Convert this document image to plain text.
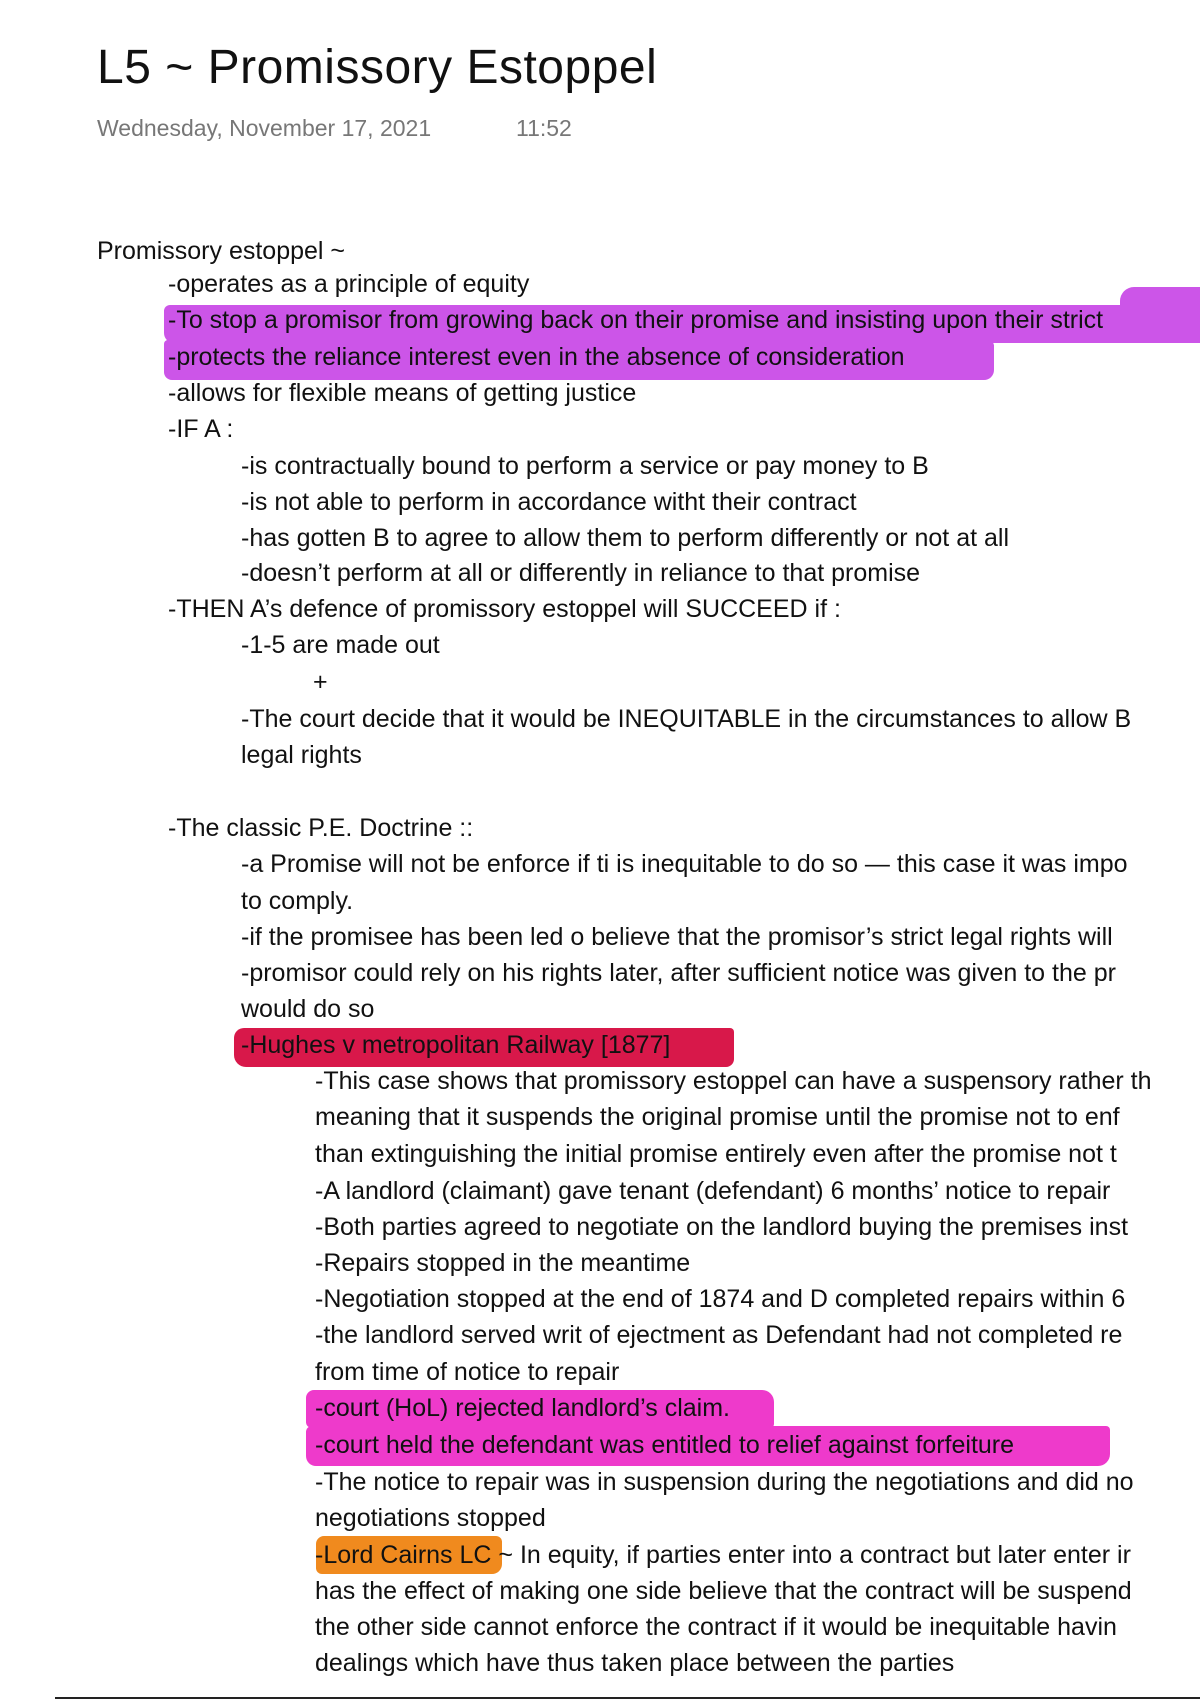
L5 ~ Promissory Estoppel
Wednesday, November 17, 2021	11:52
Promissory estoppel ~
-operates as a principle of equity
-To stop a promisor from growing back on their promise and insisting upon their strict
-protects the reliance interest even in the absence of consideration
-allows for flexible means of getting justice
-IF A :
-is contractually bound to perform a service or pay money to B
-is not able to perform in accordance witht their contract
-has gotten B to agree to allow them to perform differently or not at all
-doesn’t perform at all or differently in reliance to that promise
-THEN A’s defence of promissory estoppel will SUCCEED if :
-1-5 are made out
+
-The court decide that it would be INEQUITABLE in the circumstances to allow B
legal rights
-The classic P.E. Doctrine ::
-a Promise will not be enforce if ti is inequitable to do so — this case it was impo
to comply.
-if the promisee has been led o believe that the promisor’s strict legal rights will
-promisor could rely on his rights later, after sufficient notice was given to the pr
would do so
-Hughes v metropolitan Railway [1877]
-This case shows that promissory estoppel can have a suspensory rather th
meaning that it suspends the original promise until the promise not to enf
than extinguishing the initial promise entirely even after the promise not t
-A landlord (claimant) gave tenant (defendant) 6 months’ notice to repair
-Both parties agreed to negotiate on the landlord buying the premises inst
-Repairs stopped in the meantime
-Negotiation stopped at the end of 1874 and D completed repairs within 6
-the landlord served writ of ejectment as Defendant had not completed re
from time of notice to repair
-court (HoL) rejected landlord’s claim.
-court held the defendant was entitled to relief against forfeiture
-The notice to repair was in suspension during the negotiations and did no
negotiations stopped
-Lord Cairns LC ~ In equity, if parties enter into a contract but later enter ir
has the effect of making one side believe that the contract will be suspend
the other side cannot enforce the contract if it would be inequitable havin
dealings which have thus taken place between the parties
